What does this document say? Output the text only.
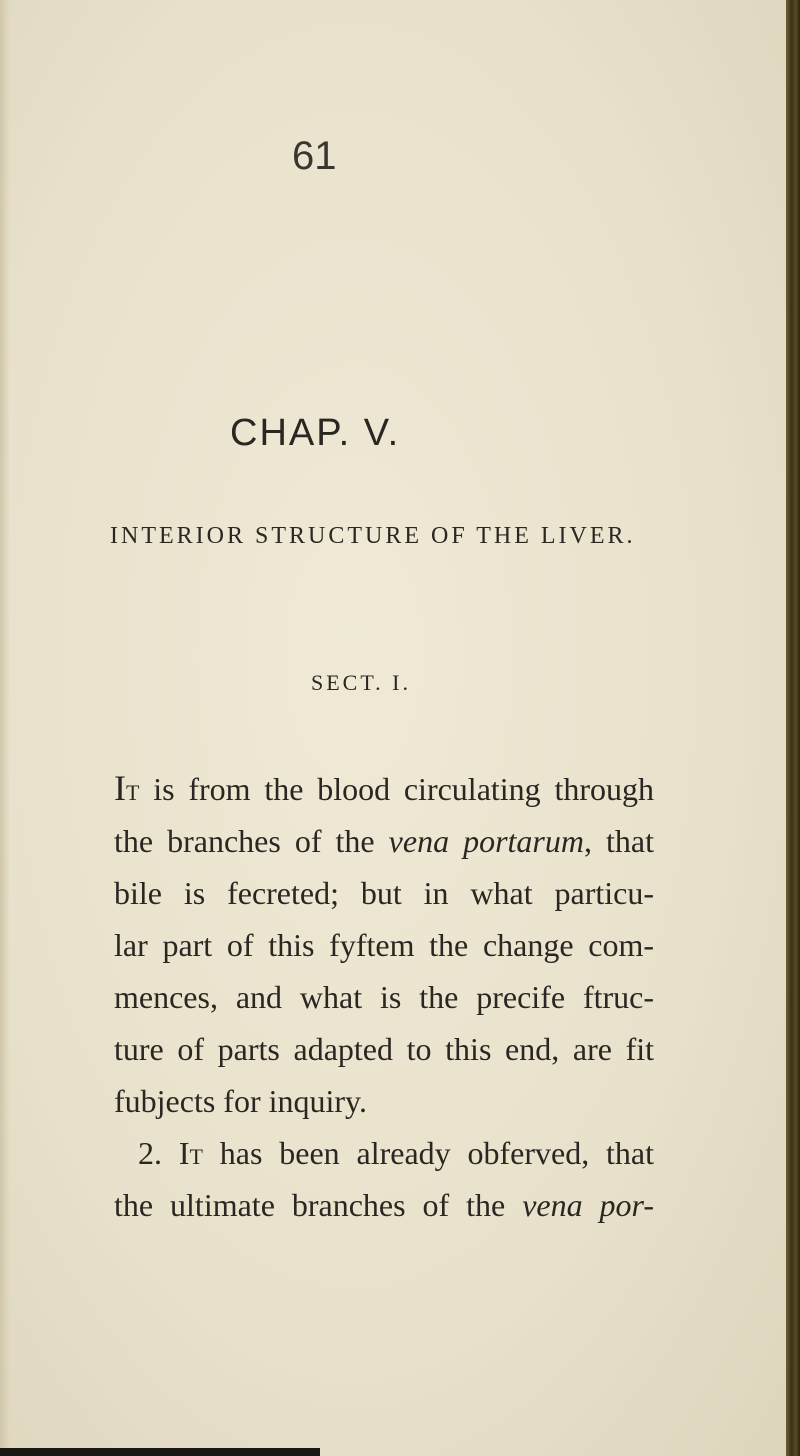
61
CHAP. V.
INTERIOR STRUCTURE OF THE LIVER.
SECT. I.
It is from the blood circulating through
the branches of the vena portarum, that
bile is fecreted; but in what particu-
lar part of this fyftem the change com-
mences, and what is the precife ftruc-
ture of parts adapted to this end, are fit
fubjects for inquiry.
2. It has been already obferved, that
the ultimate branches of the vena por-
